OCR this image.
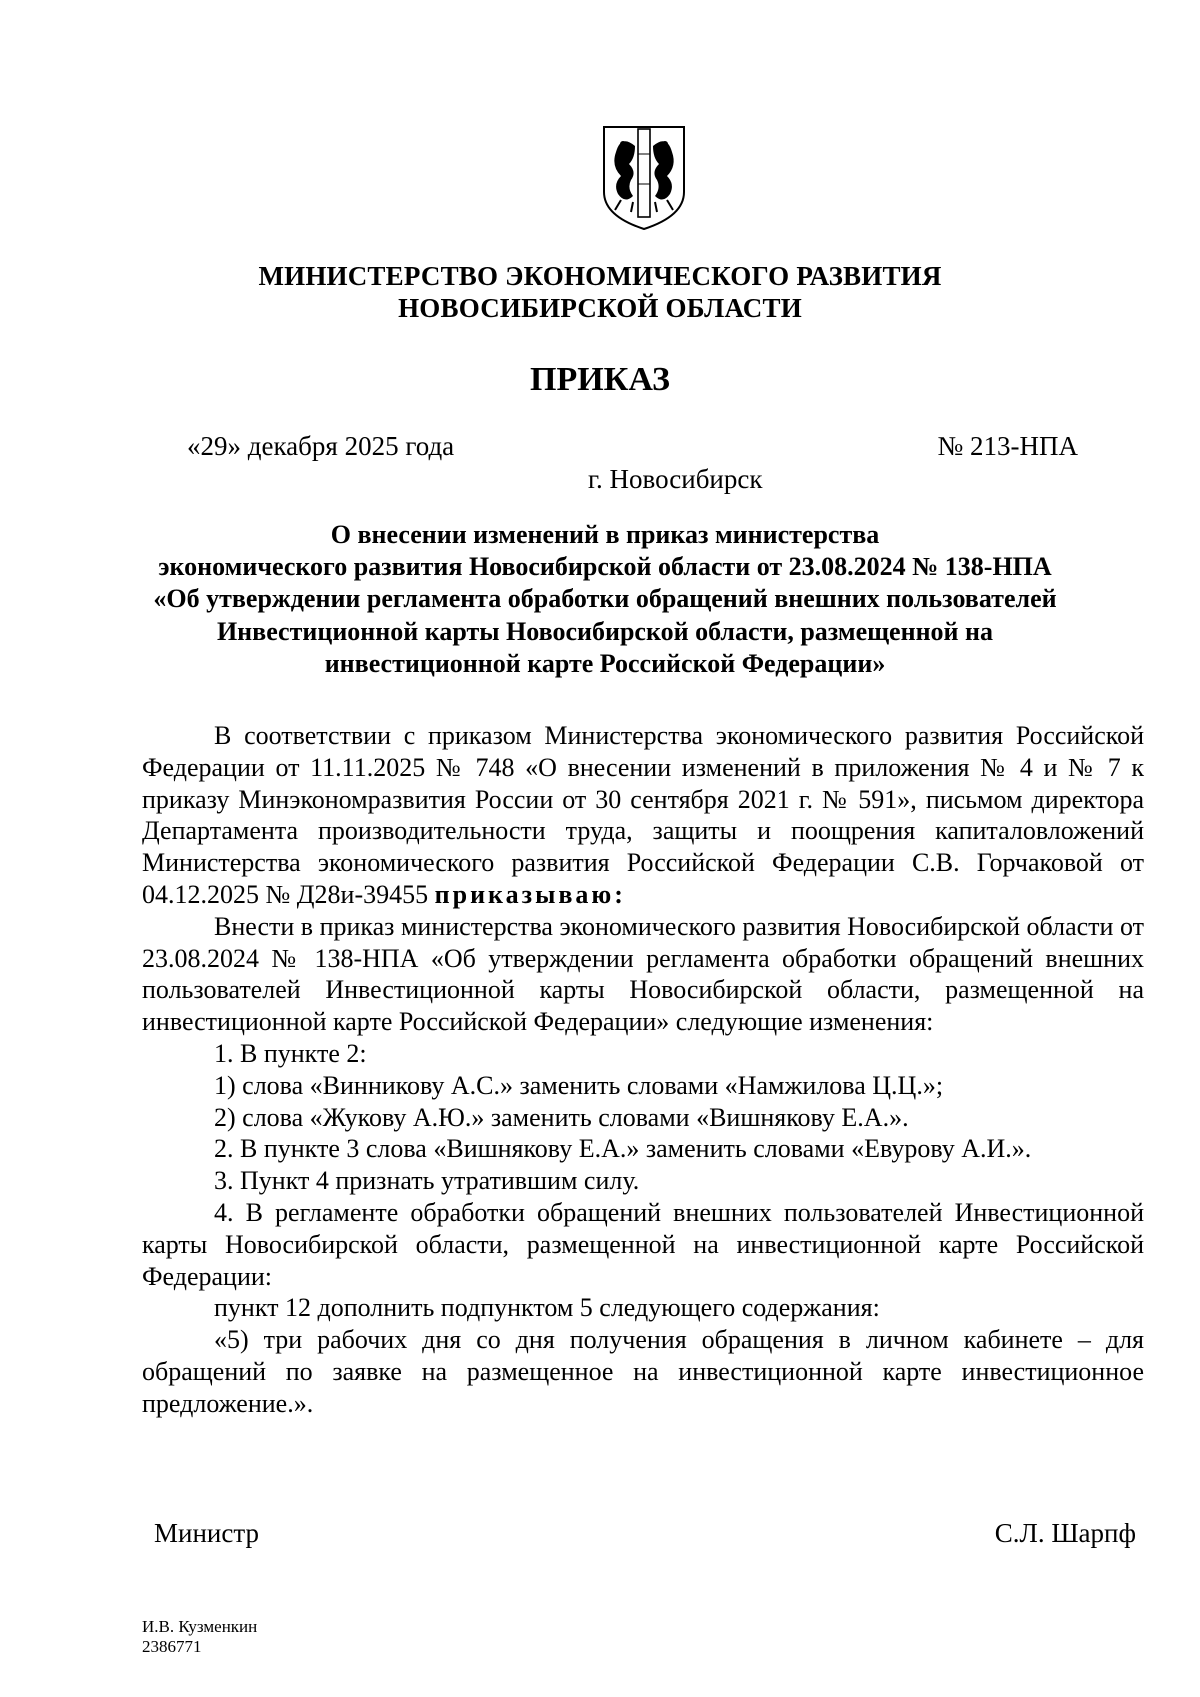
МИНИСТЕРСТВО ЭКОНОМИЧЕСКОГО РАЗВИТИЯ
НОВОСИБИРСКОЙ ОБЛАСТИ
ПРИКАЗ
«29» декабря 2025 года	№ 213-НПА
г. Новосибирск
О внесении изменений в приказ министерства
экономического развития Новосибирской области от 23.08.2024 № 138-НПА
«Об утверждении регламента обработки обращений внешних пользователей
Инвестиционной карты Новосибирской области, размещенной на
инвестиционной карте Российской Федерации»

В соответствии с приказом Министерства экономического развития Российской Федерации от 11.11.2025 № 748 «О внесении изменений в приложения № 4 и № 7 к приказу Минэкономразвития России от 30 сентября 2021 г. № 591», письмом директора Департамента производительности труда, защиты и поощрения капиталовложений Министерства экономического развития Российской Федерации С.В. Горчаковой от 04.12.2025 № Д28и-39455 приказываю:

Внести в приказ министерства экономического развития Новосибирской области от 23.08.2024 № 138-НПА «Об утверждении регламента обработки обращений внешних пользователей Инвестиционной карты Новосибирской области, размещенной на инвестиционной карте Российской Федерации» следующие изменения:

1. В пункте 2:

1) слова «Винникову А.С.» заменить словами «Намжилова Ц.Ц.»;

2) слова «Жукову А.Ю.» заменить словами «Вишнякову Е.А.».

2. В пункте 3 слова «Вишнякову Е.А.» заменить словами «Евурову А.И.».

3. Пункт 4 признать утратившим силу.

4. В регламенте обработки обращений внешних пользователей Инвестиционной карты Новосибирской области, размещенной на инвестиционной карте Российской Федерации:

пункт 12 дополнить подпунктом 5 следующего содержания:

«5) три рабочих дня со дня получения обращения в личном кабинете – для обращений по заявке на размещенное на инвестиционной карте инвестиционное предложение.».

Министр	С.Л. Шарпф
И.В. Кузменкин
2386771
